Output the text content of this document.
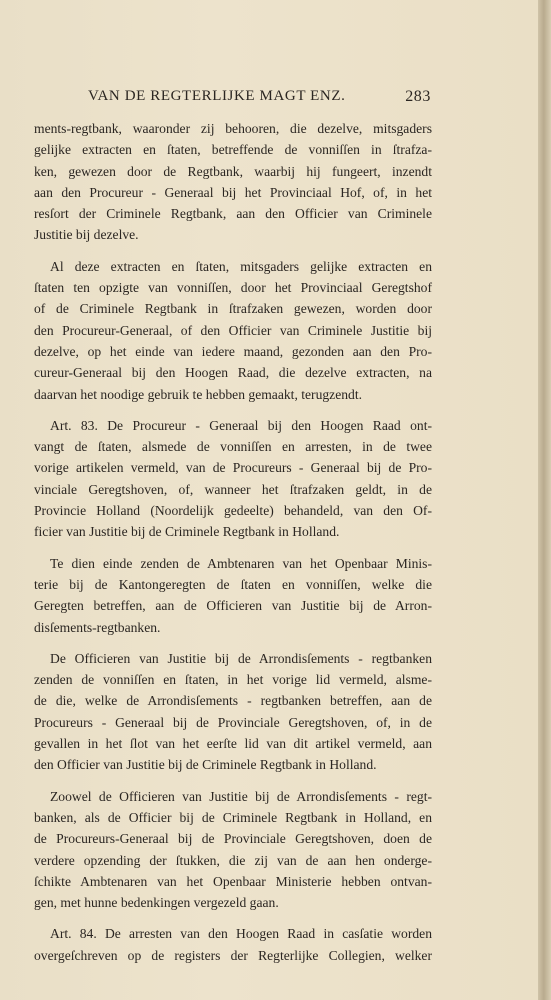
VAN DE REGTERLIJKE MAGT ENZ.	283
ments-regtbank, waaronder zij behooren, die dezelve, mitsgaders
gelijke extracten en ſtaten, betreffende de vonniſſen in ſtrafza-
ken, gewezen door de Regtbank, waarbij hij fungeert, inzendt
aan den Procureur - Generaal bij het Provinciaal Hof, of, in het
resſort der Criminele Regtbank, aan den Officier van Criminele
Justitie bij dezelve.
Al deze extracten en ſtaten, mitsgaders gelijke extracten en
ſtaten ten opzigte van vonniſſen, door het Provinciaal Geregtshof
of de Criminele Regtbank in ſtrafzaken gewezen, worden door
den Procureur-Generaal, of den Officier van Criminele Justitie bij
dezelve, op het einde van iedere maand, gezonden aan den Pro-
cureur-Generaal bij den Hoogen Raad, die dezelve extracten, na
daarvan het noodige gebruik te hebben gemaakt, terugzendt.
Art. 83. De Procureur - Generaal bij den Hoogen Raad ont-
vangt de ſtaten, alsmede de vonniſſen en arresten, in de twee
vorige artikelen vermeld, van de Procureurs - Generaal bij de Pro-
vinciale Geregtshoven, of, wanneer het ſtrafzaken geldt, in de
Provincie Holland (Noordelijk gedeelte) behandeld, van den Of-
ficier van Justitie bij de Criminele Regtbank in Holland.
Te dien einde zenden de Ambtenaren van het Openbaar Minis-
terie bij de Kantongeregten de ſtaten en vonniſſen, welke die
Geregten betreffen, aan de Officieren van Justitie bij de Arron-
disſements-regtbanken.
De Officieren van Justitie bij de Arrondisſements - regtbanken
zenden de vonniſſen en ſtaten, in het vorige lid vermeld, alsme-
de die, welke de Arrondisſements - regtbanken betreffen, aan de
Procureurs - Generaal bij de Provinciale Geregtshoven, of, in de
gevallen in het ſlot van het eerſte lid van dit artikel vermeld, aan
den Officier van Justitie bij de Criminele Regtbank in Holland.
Zoowel de Officieren van Justitie bij de Arrondisſements - regt-
banken, als de Officier bij de Criminele Regtbank in Holland, en
de Procureurs-Generaal bij de Provinciale Geregtshoven, doen de
verdere opzending der ſtukken, die zij van de aan hen onderge-
ſchikte Ambtenaren van het Openbaar Ministerie hebben ontvan-
gen, met hunne bedenkingen vergezeld gaan.
Art. 84. De arresten van den Hoogen Raad in casſatie worden
overgeſchreven op de registers der Regterlijke Collegien, welker
